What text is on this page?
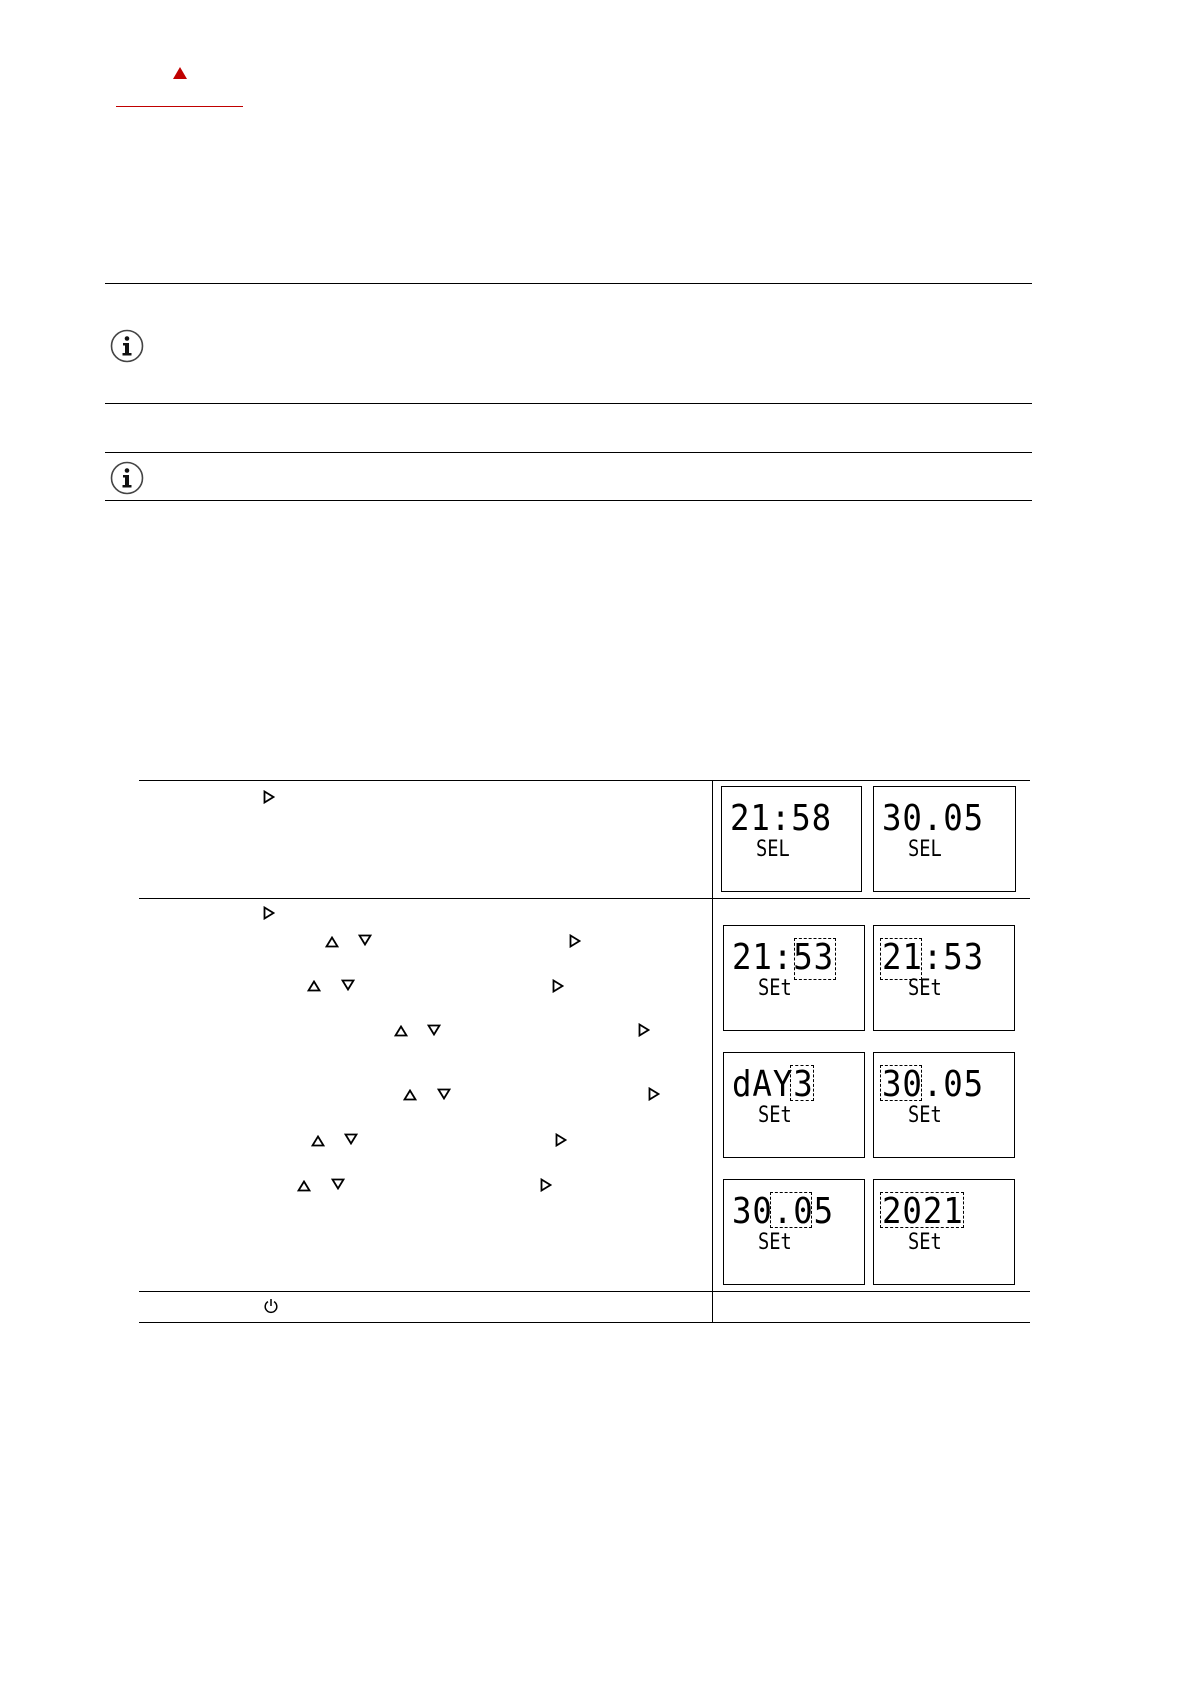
21:58
SEL
30.05
SEL
21:53
SEt
21:53
SEt
dAY3
SEt
30.05
SEt
30.05
SEt
2021
SEt
